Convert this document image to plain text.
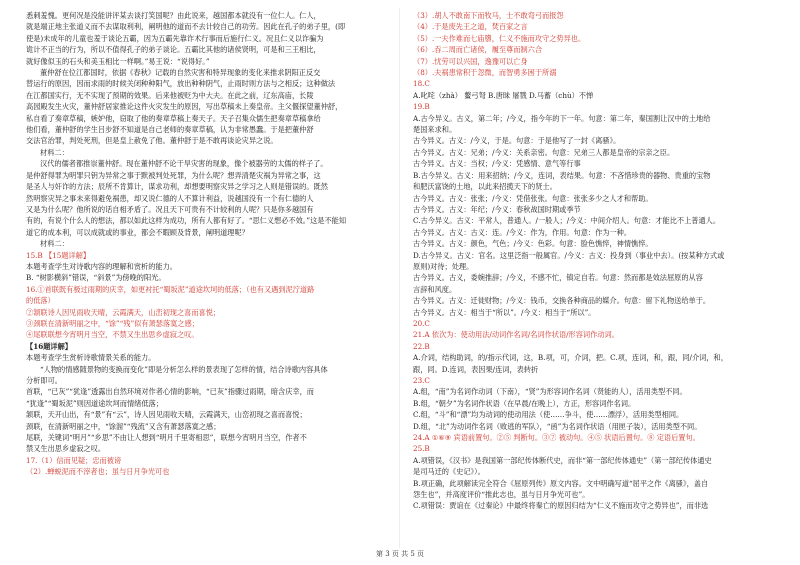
悉刺羞愧。更何况是没能讲评某去谈打笑国呢？由此说来，越国都本就没有一位仁人。仁人，

就是端正地主张道义而不去谋取利利，阐明他的道而不去计较自己的功劳。因此在孔子的弟子里，(即

使是)未成年的儿童也羞于谈论五霸，因为五霸先靠诈术行事而后施行仁义。况且仁义以诈骗为

诡计不正当的行为，所以不值得孔子的弟子谈论。五霸比其他的诸侯贤明，可是和三王相比，

就好像似玉的石头和美玉相比一样啊。”易王说：“说得好。”

董仲舒在位江都国时，依据《春秋》记载的自然灾害和特异现象的变化来推求阴阳正反交

替运行的原因，因而求雨的时候关闭种种阳气，放出种种阴气，止雨时则方法与之相反；这种做法

在江都国实行，无不实现了预期的效果。后来他被贬为中大夫。在此之前，辽东高庙，长陵

高园殿发生火灾，董仲舒居家推论这件火灾发生的原因，写出草稿未上奏皇帝。主父偃探望董仲舒，

私自看了奏章草稿，嫉妒他，窃取了他的奏章草稿上奏天子。天子召集众儒生把奏章草稿拿给

他们看，董仲舒的学生吕步舒不知道是自己老师的奏章草稿，认为非常愚蠢。于是把董仲舒

交法官治罪，判处死刑，但是皇上赦免了他。董仲舒于是不敢再谈论灾异之说。

材料二：

汉代的儒者都推崇董仲舒。现在董仲舒不论干旱灾害的现象，像个被器劳的太儒的样子了。

是仲舒得罪为明罪只钥为异常之事于默被判处死罪，为什么呢？想弄清楚灾祸为异常之事，这

是圣人与奸诈的方法；辰所不肯算计，谋求功利，却想要明察灾异之学习之人则是错误的。既然

然明察灾异之事未来得避免祸患，却又说仁德的人不算计利益，说越国没有一个有仁德的人

又是为什么呢？他所说的话自相矛盾了。况且天下可贵有不计较利的人呢？只是你多越国有

有的，有说个什么人的想法，都以如此这样为成功，所有人都有好了。“思仁义想必不效。”这是不能知

道它的成本利，可以成就或的事业，都会不暇顾及背景，阐明道理呢？

材料二：

15.B 【15题详解】

本题考查学生对诗歌内容的理解和赏析的能力。

B. “树影横斜”错误，“斜景”为傍晚的阳光。

16.①首联既有极过雨期的庆幸，如更衬托“蜀坂泥”道途坎坷的低落；（也有又遇到泥泞道路

的低落）

②颔联诗人因见雨收天晴，云霞满天，山峦初现之喜而喜悦；

③颈联在清新明丽之中，“馀”“残”似有萧瑟落寞之感；

④尾联联想今宵明月当空，不禁又生出思乡虚寂之叹。

【16题详解】

本题考查学生赏析诗歌情景关系的能力。

“人物的情感随景物的变换而变化”即是分析怎么样的景表现了怎样的情，结合诗歌内容具体

分析即可。

首联，“已灰”“犹逢”透露出自然环境对作者心情的影响，“已灰”指骤过雨期，暗含庆幸，而

“犹逢”“蜀坂泥”则因道途坎坷而情绪低落；

颔联，天开山出，有“景”有“云”，诗人因见雨收天晴，云霞满天，山峦初现之喜而喜悦；

颈联，在清新明丽之中，“馀溜”“残流”又含有萧瑟落寞之感；

尾联，关键词“明月”“乡思”不由让人想到“明月千里寄相思”，联想今宵明月当空，作者不

禁又生出思乡虚寂之叹。

17.（1）信而见疑；忠而被谤

（2）.蝉蜕泥而不滓者也；虽与日月争光可也

（3）.胡人不敢南下而牧马，士不敢弯弓而报怨

（4）.于是废先王之道，焚百家之言

（5）.一夫作难而七庙隳，仁义不施而攻守之势异也。

（6）.吞二周而亡诸侯，履至尊而制六合

（7）.忧劳可以兴国，逸豫可以亡身

（8）.夫祸患常积于忽微，而智勇多困于所溺

18.C

A.叱咤（zhà） 鳌弓弩 B.唐昧 屠戮 D.马蓄（chù）不惮

19.B

A.古今异义。古义，第二年；/今义，指今年的下一年。句意：第二年，秦国割让汉中的土地给

楚国来求和。

古今异义。古义：/今义，于是。句意：于是他写了一封《离骚》。

古今异义。古义：兄弟；/今义：关系亲密。句意：兄弟三人都是皇帝的宗亲之臣。

古今异义。古义：当权；/今义：凭感情、意气等行事

B.古今异义。古义：用来招纳；/今义，连词，表结果。句意：不吝惜珍贵的器物、贵重的宝物

和肥沃富饶的土地，以此来招揽天下的贤士。

古今异义。古义：张张；/今义：凭借张张。句意：张张多少之人才和帮助。

古今异义。古义：年纪；/今义：春秋战国时期或季节

C.古今异义。古义：平常人，普通人。/一般人；/今义：中间介绍人。句意：才能比不上普通人。

古今异义。古义：古义：连。/今义：作为，作用。句意：作为一种。

古今异义。古义：颜色，气色；/今义：色彩。句意：脸色憔悴，神情憔悴。

D.古今异义。古义：官名。这里泛指一般属官。/今义：古义：投身到（事业中去）。(按某种方式或

原则)对待；处理。

古今异义。古义，委婉推辞；/今义，不感不忙，镇定自若。句意：然而都是效法屈原的从容

言辞和风度。

古今异义。古义：迁徙财物；/今义：钱币，交换各种商品的媒介。句意：留下礼物送给单于。

古今异义。古义：相当于“所以”。/今义：相当于“所以”。

20.C

21.A 依次为：使动用法/动词作名词/名词作状语/形容词作动词。

22.B

A.介词，结构助词，的/指示代词，这，B.项，可，介词，把。C.项，连词，和，跟，同/介词，和，

跟，同。D.连词，表因果/连词，表转折

23.C

A.组，“南”为名词作动词（下南），“贤”为形容词作名词（贤能的人），活用类型不同。

B.组，“朝夕”为名词作状语（在早晨/在晚上），方正，形容词作名词。

C.组，“斗”和“漂”均为动词的使动用法（使……争斗，使……漂浮），活用类型相同。

D.组，“北”为动词作名词（败逃的军队），“函”为名词作状语（用匣子装），活用类型不同。

24.A ①⑥⑨ 宾语前置句。②⑤ 判断句。③⑦ 被动句。④⑤ 状语后置句。⑧ 定语后置句。

25.B

A.项错误，《汉书》是我国第一部纪传体断代史，而非“第一部纪传体通史”（第一部纪传体通史

是司马迁的《史记》）。

B.项正确，此项解读完全符合《屈原列传》原文内容。文中明确写道“屈平之作《离骚》，盖自

怨生也”，并高度评价“推此志也，虽与日月争光可也”。

C.项错误：贾谊在《过秦论》中最终将秦亡的原因归结为“仁义不施而攻守之势异也”，而非选

第 3 页 共 5 页
